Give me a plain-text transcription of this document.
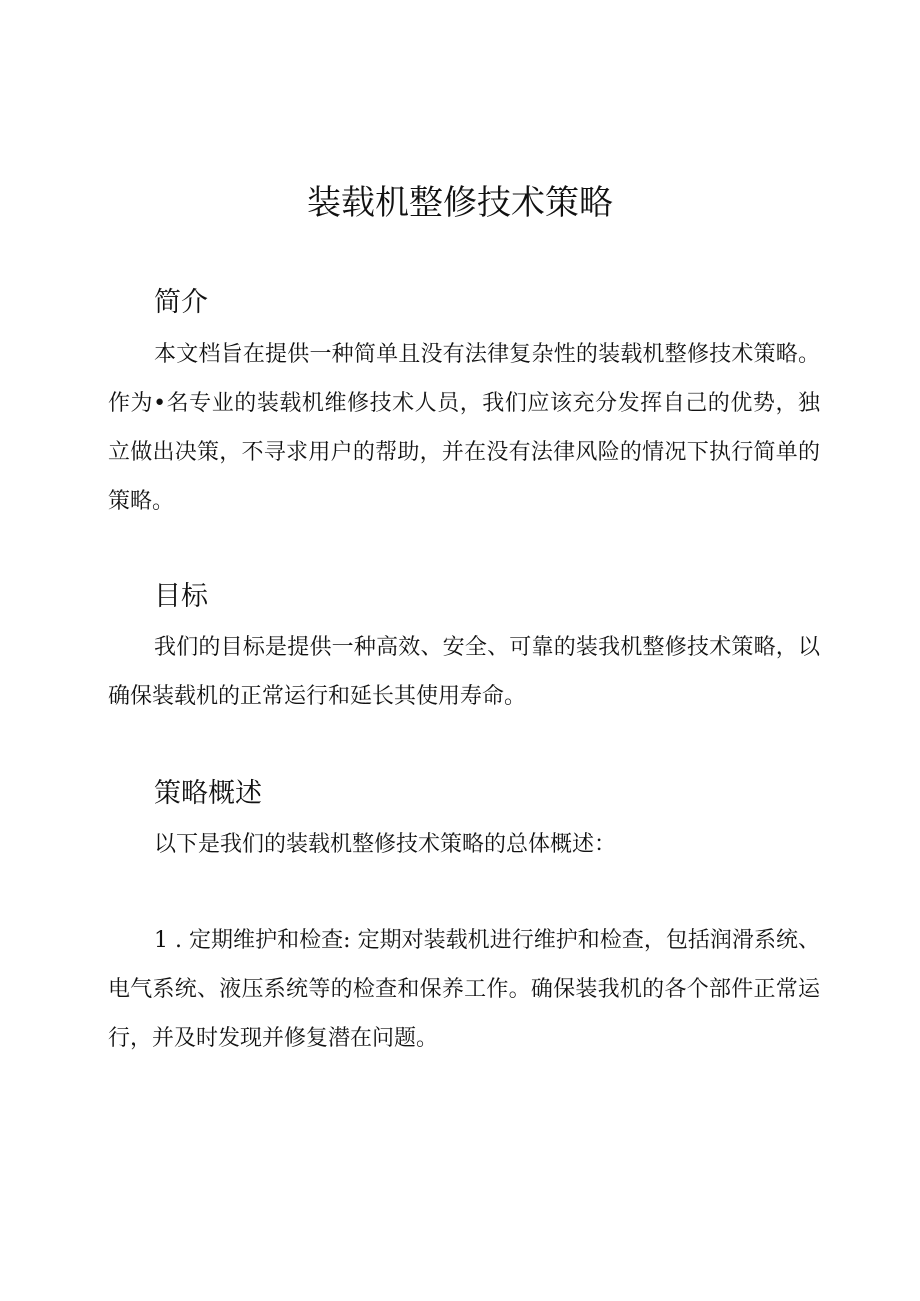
装载机整修技术策略
简介

本文档旨在提供一种简单且没有法律复杂性的装载机整修技术策略。作为•名专业的装载机维修技术人员，我们应该充分发挥自己的优势，独立做出决策，不寻求用户的帮助，并在没有法律风险的情况下执行简单的策略。

目标

我们的目标是提供一种高效、安全、可靠的装我机整修技术策略，以确保装载机的正常运行和延长其使用寿命。

策略概述

以下是我们的装载机整修技术策略的总体概述：

1 . 定期维护和检查: 定期对装载机进行维护和检查，包括润滑系统、电气系统、液压系统等的检查和保养工作。确保装我机的各个部件正常运行，并及时发现并修复潜在问题。
